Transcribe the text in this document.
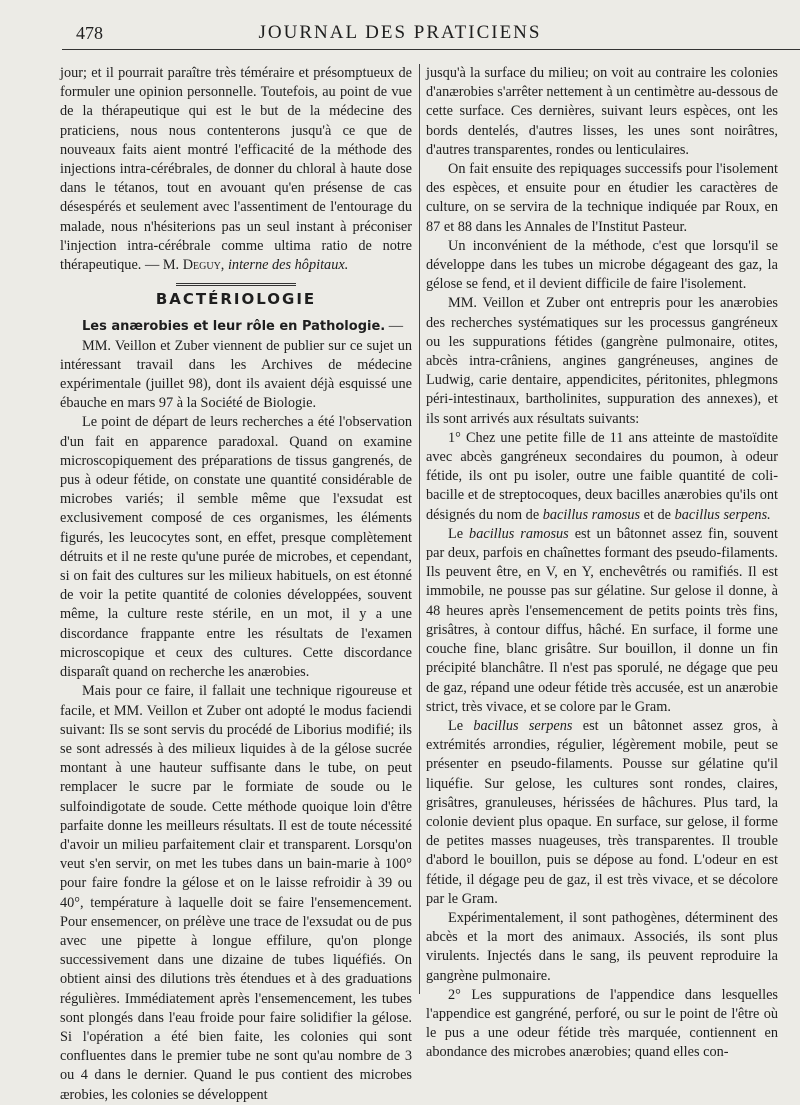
478	JOURNAL DES PRATICIENS

jour; et il pourrait paraître très téméraire et présomptueux de formuler une opinion personnelle. Toutefois, au point de vue de la thérapeutique qui est le but de la médecine des praticiens, nous nous contenterons jusqu'à ce que de nouveaux faits aient montré l'efficacité de la méthode des injections intra-cérébrales, de donner du chloral à haute dose dans le tétanos, tout en avouant qu'en présense de cas désespérés et seulement avec l'assentiment de l'entourage du malade, nous n'hésiterions pas un seul instant à préconiser l'injection intra-cérébrale comme ultima ratio de notre thérapeutique. — M. Deguy, interne des hôpitaux.

BACTÉRIOLOGIE

Les anærobies et leur rôle en Pathologie. —

MM. Veillon et Zuber viennent de publier sur ce sujet un intéressant travail dans les Archives de médecine expérimentale (juillet 98), dont ils avaient déjà esquissé une ébauche en mars 97 à la Société de Biologie.

Le point de départ de leurs recherches a été l'observation d'un fait en apparence paradoxal. Quand on examine microscopiquement des préparations de tissus gangrenés, de pus à odeur fétide, on constate une quantité considérable de microbes variés; il semble même que l'exsudat est exclusivement composé de ces organismes, les éléments figurés, les leucocytes sont, en effet, presque complètement détruits et il ne reste qu'une purée de microbes, et cependant, si on fait des cultures sur les milieux habituels, on est étonné de voir la petite quantité de colonies développées, souvent même, la culture reste stérile, en un mot, il y a une discordance frappante entre les résultats de l'examen microscopique et ceux des cultures. Cette discordance disparaît quand on recherche les anærobies.

Mais pour ce faire, il fallait une technique rigoureuse et facile, et MM. Veillon et Zuber ont adopté le modus faciendi suivant: Ils se sont servis du procédé de Liborius modifié; ils se sont adressés à des milieux liquides à de la gélose sucrée montant à une hauteur suffisante dans le tube, on peut remplacer le sucre par le formiate de soude ou le sulfoindigotate de soude. Cette méthode quoique loin d'être parfaite donne les meilleurs résultats. Il est de toute nécessité d'avoir un milieu parfaitement clair et transparent. Lorsqu'on veut s'en servir, on met les tubes dans un bain-marie à 100° pour faire fondre la gélose et on le laisse refroidir à 39 ou 40°, température à laquelle doit se faire l'ensemencement. Pour ensemencer, on prélève une trace de l'exsudat ou de pus avec une pipette à longue effilure, qu'on plonge successivement dans une dizaine de tubes liquéfiés. On obtient ainsi des dilutions très étendues et à des graduations régulières. Immédiatement après l'ensemencement, les tubes sont plongés dans l'eau froide pour faire solidifier la gélose. Si l'opération a été bien faite, les colonies qui sont confluentes dans le premier tube ne sont qu'au nombre de 3 ou 4 dans le dernier. Quand le pus contient des microbes ærobies, les colonies se développent

jusqu'à la surface du milieu; on voit au contraire les colonies d'anærobies s'arrêter nettement à un centimètre au-dessous de cette surface. Ces dernières, suivant leurs espèces, ont les bords dentelés, d'autres lisses, les unes sont noirâtres, d'autres transparentes, rondes ou lenticulaires.

On fait ensuite des repiquages successifs pour l'isolement des espèces, et ensuite pour en étudier les caractères de culture, on se servira de la technique indiquée par Roux, en 87 et 88 dans les Annales de l'Institut Pasteur.

Un inconvénient de la méthode, c'est que lorsqu'il se développe dans les tubes un microbe dégageant des gaz, la gélose se fend, et il devient difficile de faire l'isolement.

MM. Veillon et Zuber ont entrepris pour les anærobies des recherches systématiques sur les processus gangréneux ou les suppurations fétides (gangrène pulmonaire, otites, abcès intra-crâniens, angines gangréneuses, angines de Ludwig, carie dentaire, appendicites, péritonites, phlegmons péri-intestinaux, bartholinites, suppuration des annexes), et ils sont arrivés aux résultats suivants:

1° Chez une petite fille de 11 ans atteinte de mastoïdite avec abcès gangréneux secondaires du poumon, à odeur fétide, ils ont pu isoler, outre une faible quantité de coli-bacille et de streptocoques, deux bacilles anærobies qu'ils ont désignés du nom de bacillus ramosus et de bacillus serpens.

Le bacillus ramosus est un bâtonnet assez fin, souvent par deux, parfois en chaînettes formant des pseudo-filaments. Ils peuvent être, en V, en Y, enchevêtrés ou ramifiés. Il est immobile, ne pousse pas sur gélatine. Sur gelose il donne, à 48 heures après l'ensemencement de petits points très fins, grisâtres, à contour diffus, hâché. En surface, il forme une couche fine, blanc grisâtre. Sur bouillon, il donne un fin précipité blanchâtre. Il n'est pas sporulé, ne dégage que peu de gaz, répand une odeur fétide très accusée, est un anærobie strict, très vivace, et se colore par le Gram.

Le bacillus serpens est un bâtonnet assez gros, à extrémités arrondies, régulier, légèrement mobile, peut se présenter en pseudo-filaments. Pousse sur gélatine qu'il liquéfie. Sur gelose, les cultures sont rondes, claires, grisâtres, granuleuses, hérissées de hâchures. Plus tard, la colonie devient plus opaque. En surface, sur gelose, il forme de petites masses nuageuses, très transparentes. Il trouble d'abord le bouillon, puis se dépose au fond. L'odeur en est fétide, il dégage peu de gaz, il est très vivace, et se décolore par le Gram.

Expérimentalement, il sont pathogènes, déterminent des abcès et la mort des animaux. Associés, ils sont plus virulents. Injectés dans le sang, ils peuvent reproduire la gangrène pulmonaire.

2° Les suppurations de l'appendice dans lesquelles l'appendice est gangréné, perforé, ou sur le point de l'être où le pus a une odeur fétide très marquée, contiennent en abondance des microbes anærobies; quand elles con-
